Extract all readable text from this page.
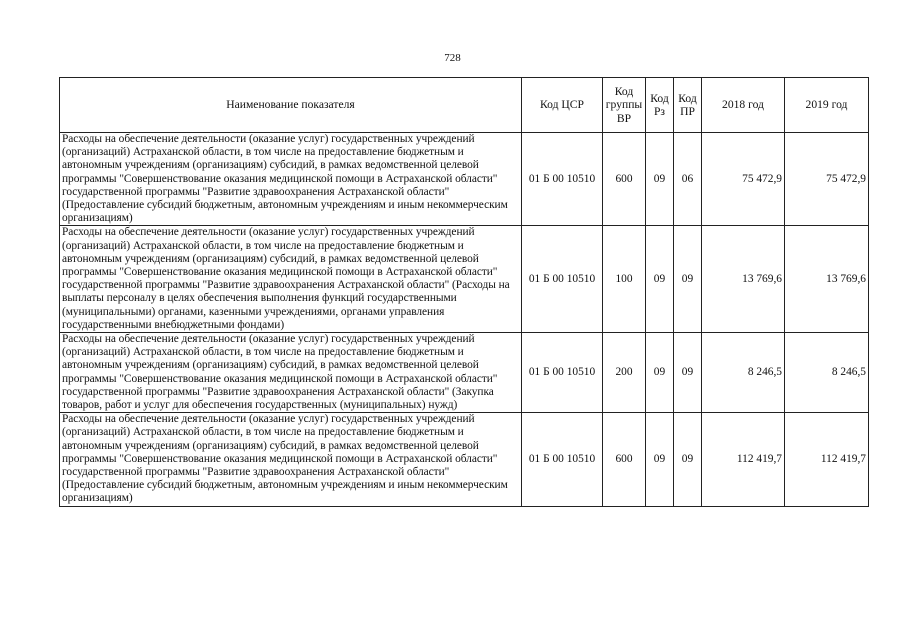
728
Наименование показателя	Код ЦСР	Код группы ВР	Код Рз	Код ПР	2018 год	2019 год
Расходы на обеспечение деятельности (оказание услуг) государственных учреждений (организаций) Астраханской области, в том числе на предоставление бюджетным и автономным учреждениям (организациям) субсидий, в рамках ведомственной целевой программы "Совершенствование оказания медицинской помощи в Астраханской области" государственной программы "Развитие здравоохранения Астраханской области" (Предоставление субсидий бюджетным, автономным учреждениям и иным некоммерческим организациям)	01 Б 00 10510	600	09	06	75 472,9	75 472,9
Расходы на обеспечение деятельности (оказание услуг) государственных учреждений (организаций) Астраханской области, в том числе на предоставление бюджетным и автономным учреждениям (организациям) субсидий, в рамках ведомственной целевой программы "Совершенствование оказания медицинской помощи в Астраханской области" государственной программы "Развитие здравоохранения Астраханской области" (Расходы на выплаты персоналу в целях обеспечения выполнения функций государственными (муниципальными) органами, казенными учреждениями, органами управления государственными внебюджетными фондами)	01 Б 00 10510	100	09	09	13 769,6	13 769,6
Расходы на обеспечение деятельности (оказание услуг) государственных учреждений (организаций) Астраханской области, в том числе на предоставление бюджетным и автономным учреждениям (организациям) субсидий, в рамках ведомственной целевой программы "Совершенствование оказания медицинской помощи в Астраханской области" государственной программы "Развитие здравоохранения Астраханской области" (Закупка товаров, работ и услуг для обеспечения государственных (муниципальных) нужд)	01 Б 00 10510	200	09	09	8 246,5	8 246,5
Расходы на обеспечение деятельности (оказание услуг) государственных учреждений (организаций) Астраханской области, в том числе на предоставление бюджетным и автономным учреждениям (организациям) субсидий, в рамках ведомственной целевой программы "Совершенствование оказания медицинской помощи в Астраханской области" государственной программы "Развитие здравоохранения Астраханской области" (Предоставление субсидий бюджетным, автономным учреждениям и иным некоммерческим организациям)	01 Б 00 10510	600	09	09	112 419,7	112 419,7
